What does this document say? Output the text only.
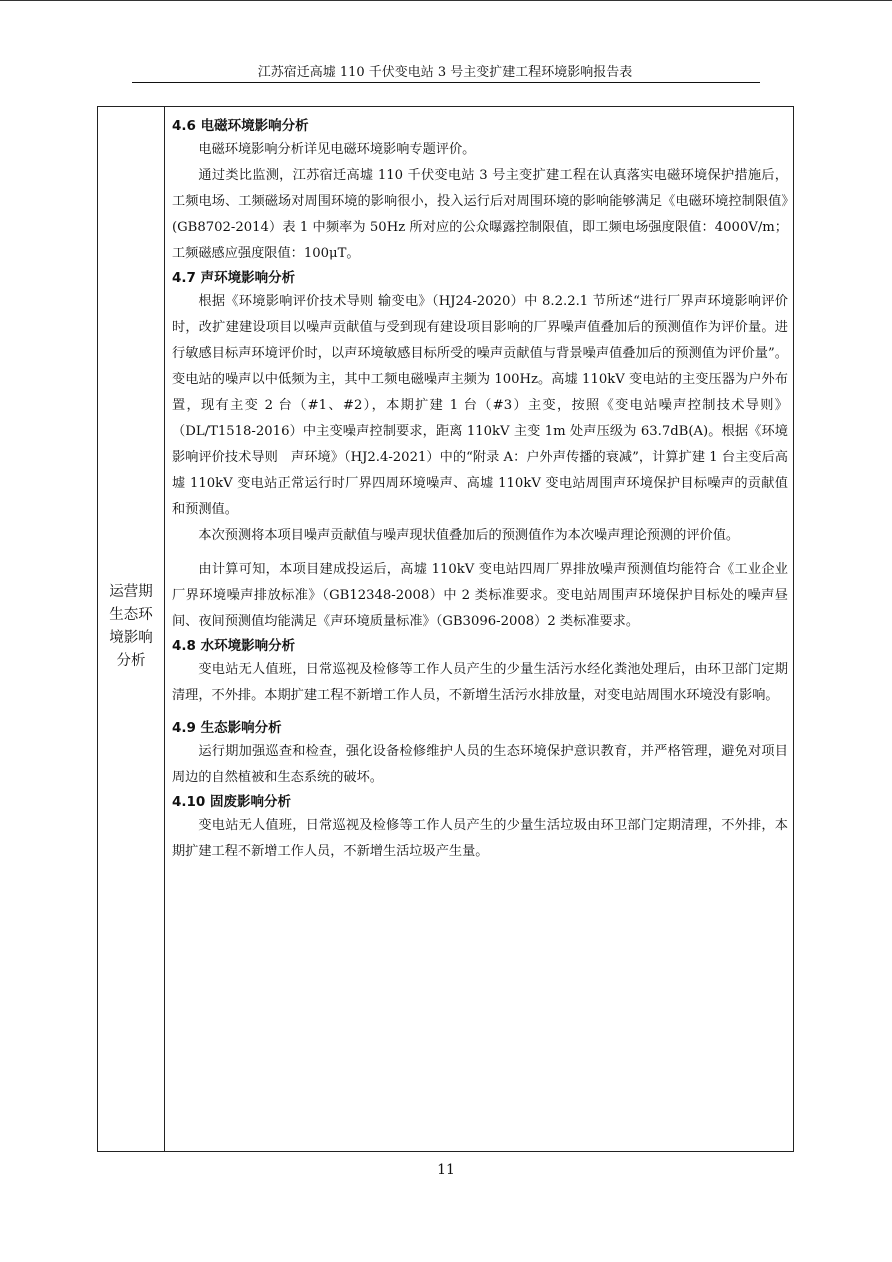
江苏宿迁高墟 110 千伏变电站 3 号主变扩建工程环境影响报告表
运营期
生态环
境影响
分析
4.6 电磁环境影响分析

电磁环境影响分析详见电磁环境影响专题评价。

通过类比监测，江苏宿迁高墟 110 千伏变电站 3 号主变扩建工程在认真落实电磁环境保护措施后，工频电场、工频磁场对周围环境的影响很小，投入运行后对周围环境的影响能够满足《电磁环境控制限值》(GB8702-2014）表 1 中频率为 50Hz 所对应的公众曝露控制限值，即工频电场强度限值：4000V/m；工频磁感应强度限值：100μT。

4.7 声环境影响分析

根据《环境影响评价技术导则 输变电》（HJ24-2020）中 8.2.2.1 节所述“进行厂界声环境影响评价时，改扩建建设项目以噪声贡献值与受到现有建设项目影响的厂界噪声值叠加后的预测值作为评价量。进行敏感目标声环境评价时，以声环境敏感目标所受的噪声贡献值与背景噪声值叠加后的预测值为评价量”。变电站的噪声以中低频为主，其中工频电磁噪声主频为 100Hz。高墟 110kV 变电站的主变压器为户外布置，现有主变 2 台（#1、#2），本期扩建 1 台（#3）主变，按照《变电站噪声控制技术导则》（DL/T1518-2016）中主变噪声控制要求，距离 110kV 主变 1m 处声压级为 63.7dB(A)。根据《环境影响评价技术导则　声环境》（HJ2.4-2021）中的“附录 A：户外声传播的衰减”，计算扩建 1 台主变后高墟 110kV 变电站正常运行时厂界四周环境噪声、高墟 110kV 变电站周围声环境保护目标噪声的贡献值和预测值。

本次预测将本项目噪声贡献值与噪声现状值叠加后的预测值作为本次噪声理论预测的评价值。

由计算可知，本项目建成投运后，高墟 110kV 变电站四周厂界排放噪声预测值均能符合《工业企业厂界环境噪声排放标准》（GB12348-2008）中 2 类标准要求。变电站周围声环境保护目标处的噪声昼间、夜间预测值均能满足《声环境质量标准》（GB3096-2008）2 类标准要求。

4.8 水环境影响分析

变电站无人值班，日常巡视及检修等工作人员产生的少量生活污水经化粪池处理后，由环卫部门定期清理，不外排。本期扩建工程不新增工作人员，不新增生活污水排放量，对变电站周围水环境没有影响。

4.9 生态影响分析

运行期加强巡查和检查，强化设备检修维护人员的生态环境保护意识教育，并严格管理，避免对项目周边的自然植被和生态系统的破坏。

4.10 固废影响分析

变电站无人值班，日常巡视及检修等工作人员产生的少量生活垃圾由环卫部门定期清理，不外排，本期扩建工程不新增工作人员，不新增生活垃圾产生量。

11
